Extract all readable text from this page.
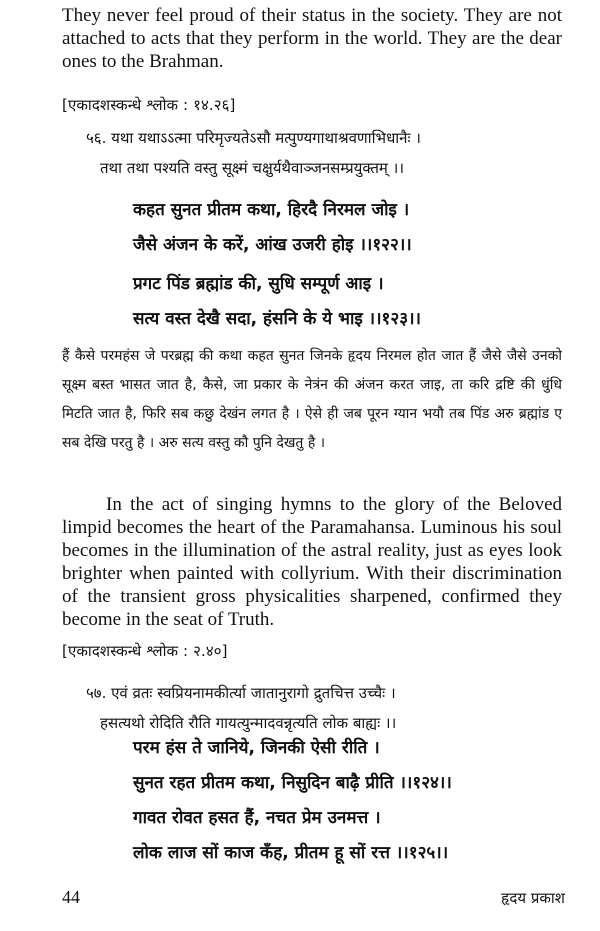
They never feel proud of their status in the society. They are not attached to acts that they perform in the world. They are the dear ones to the Brahman.
[एकादशस्कन्धे श्लोक : १४.२६]
५६. यथा यथाऽऽत्मा परिमृज्यतेऽसौ मत्पुण्यगाथाश्रवणाभिधानैः ।
तथा तथा पश्यति वस्तु सूक्ष्मं चक्षुर्यथैवाञ्जनसम्प्रयुक्तम् ।।
कहत सुनत प्रीतम कथा, हिरदै निरमल जोइ ।
जैसे अंजन के करें, आंख उजरी होइ ।।१२२।।
प्रगट पिंड ब्रह्मांड की, सुधि सम्पूर्ण आइ ।
सत्य वस्त देखै सदा, हंसनि के ये भाइ ।।१२३।।
हैं कैसे परमहंस जे परब्रह्म की कथा कहत सुनत जिनके हृदय निरमल होत जात हैं जैसे जैसे उनको सूक्ष्म बस्त भासत जात है, कैसे, जा प्रकार के नेत्रंन की अंजन करत जाइ, ता करि द्रष्टि की धुंधि मिटति जात है, फिरि सब कछु देखंन लगत है । ऐसे ही जब पूरन ग्यान भयौ तब पिंड अरु ब्रह्मांड ए सब देखि परतु है । अरु सत्य वस्तु कौ पुनि देखतु है ।
In the act of singing hymns to the glory of the Beloved limpid becomes the heart of the Paramahansa. Luminous his soul becomes in the illumination of the astral reality, just as eyes look brighter when painted with collyrium. With their discrimination of the transient gross physicalities sharpened, confirmed they become in the seat of Truth.
[एकादशस्कन्धे श्लोक : २.४०]
५७. एवं व्रतः स्वप्रियनामकीर्त्या जातानुरागो द्रुतचित्त उच्चैः ।
हसत्यथो रोदिति रौति गायत्युन्मादवन्नृत्यति लोक बाह्यः ।।
परम हंस ते जानिये, जिनकी ऐसी रीति ।
सुनत रहत प्रीतम कथा, निसुदिन बाढ़ै प्रीति ।।१२४।।
गावत रोवत हसत हैं, नचत प्रेम उनमत्त ।
लोक लाज सों काज कँह, प्रीतम हू सों रत्त ।।१२५।।
44	हृदय प्रकाश
